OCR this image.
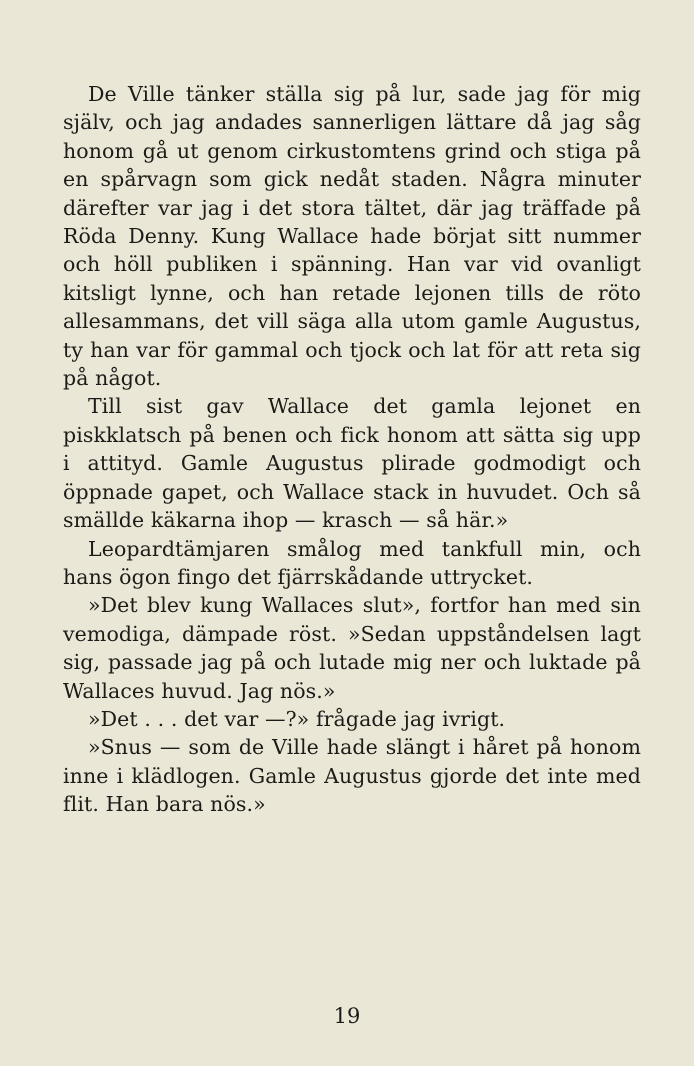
De Ville tänker ställa sig på lur, sade jag för mig själv, och jag andades sannerligen lättare då jag såg honom gå ut genom cirkustomtens grind och stiga på en spårvagn som gick nedåt staden. Några minuter därefter var jag i det stora tältet, där jag träffade på Röda Denny. Kung Wallace hade börjat sitt nummer och höll publiken i spänning. Han var vid ovanligt kitsligt lynne, och han retade lejonen tills de röto allesammans, det vill säga alla utom gamle Augustus, ty han var för gammal och tjock och lat för att reta sig på något.

Till sist gav Wallace det gamla lejonet en piskklatsch på benen och fick honom att sätta sig upp i attityd. Gamle Augustus plirade godmodigt och öppnade gapet, och Wallace stack in huvudet. Och så smällde käkarna ihop — krasch — så här.»

Leopardtämjaren smålog med tankfull min, och hans ögon fingo det fjärrskådande uttrycket.

»Det blev kung Wallaces slut», fortfor han med sin vemodiga, dämpade röst. »Sedan uppståndelsen lagt sig, passade jag på och lutade mig ner och luktade på Wallaces huvud. Jag nös.»

»Det . . . det var —?» frågade jag ivrigt.

»Snus — som de Ville hade slängt i håret på honom inne i klädlogen. Gamle Augustus gjorde det inte med flit. Han bara nös.»

19
